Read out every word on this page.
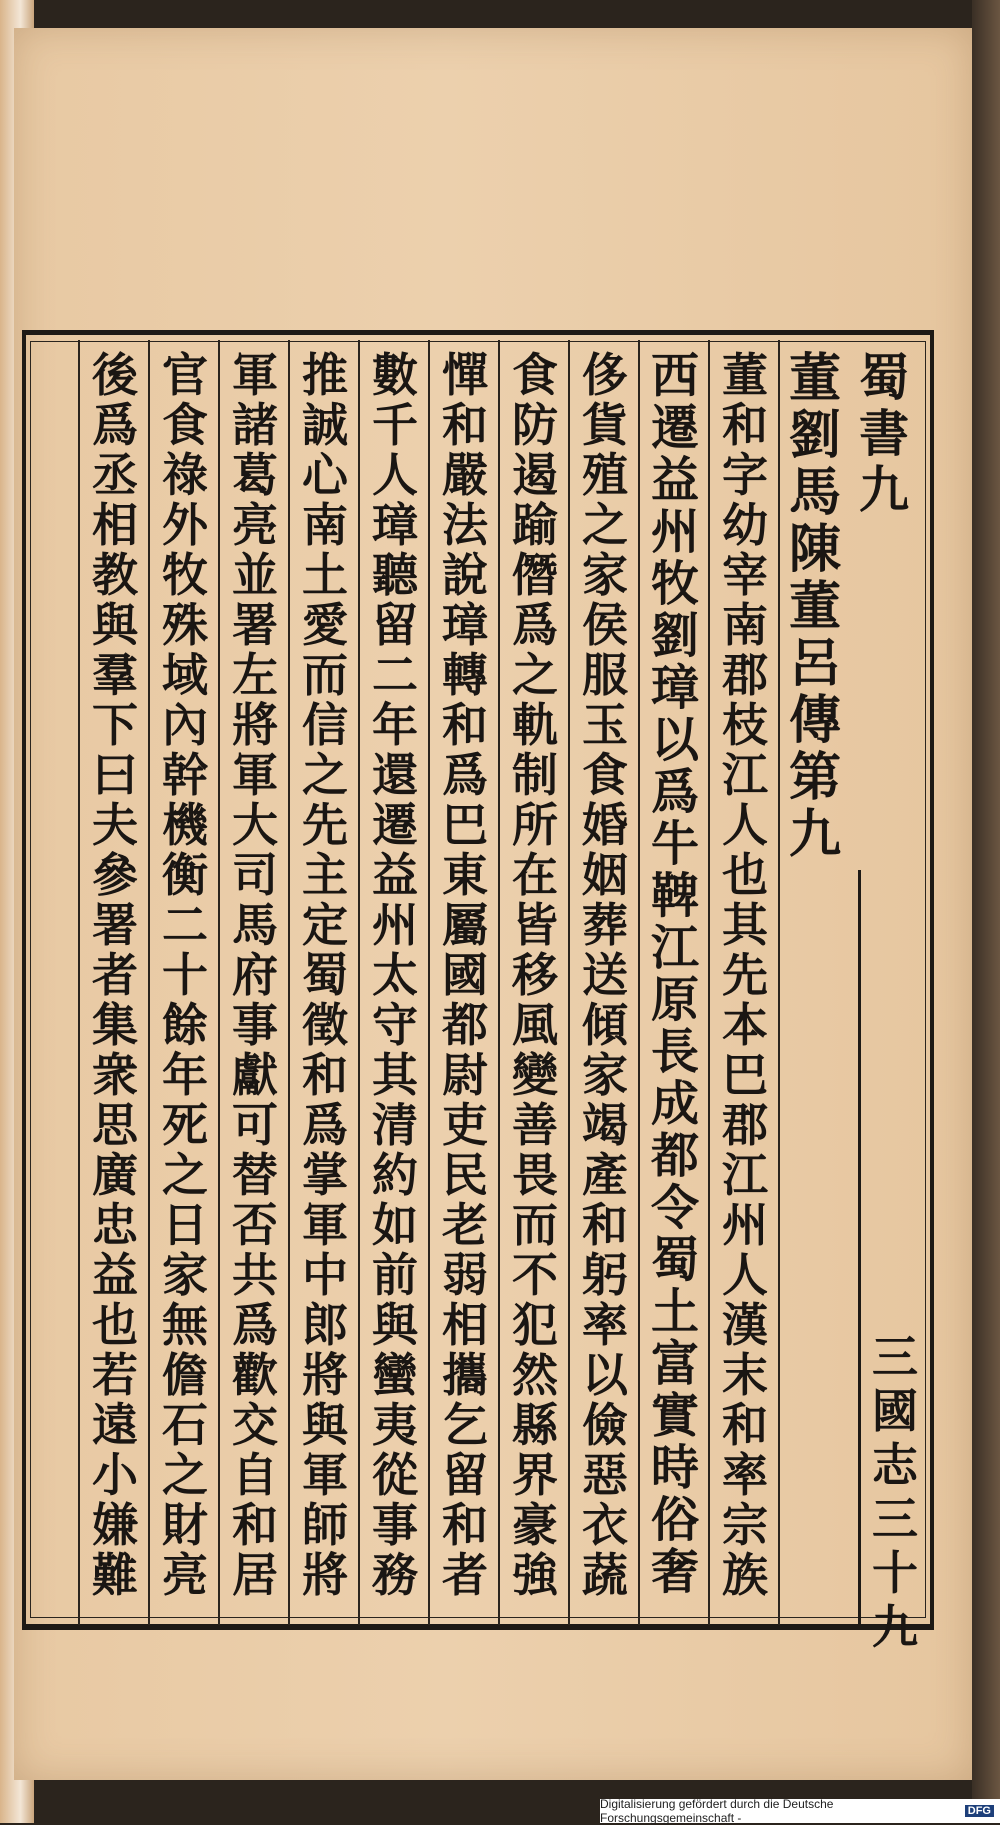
蜀
書
九
三
國
志
三
十
九
董
劉
馬
陳
董
呂
傳
第
九
董
和
字
幼
宰
南
郡
枝
江
人
也
其
先
本
巴
郡
江
州
人
漢
末
和
率
宗
族
西
遷
益
州
牧
劉
璋
以
爲
牛
鞞
江
原
長
成
都
令
蜀
土
富
實
時
俗
奢
侈
貨
殖
之
家
侯
服
玉
食
婚
姻
葬
送
傾
家
竭
產
和
躬
率
以
儉
惡
衣
蔬
食
防
遏
踰
僭
爲
之
軌
制
所
在
皆
移
風
變
善
畏
而
不
犯
然
縣
界
豪
強
憚
和
嚴
法
說
璋
轉
和
爲
巴
東
屬
國
都
尉
吏
民
老
弱
相
攜
乞
留
和
者
數
千
人
璋
聽
留
二
年
還
遷
益
州
太
守
其
清
約
如
前
與
蠻
夷
從
事
務
推
誠
心
南
土
愛
而
信
之
先
主
定
蜀
徵
和
爲
掌
軍
中
郎
將
與
軍
師
將
軍
諸
葛
亮
並
署
左
將
軍
大
司
馬
府
事
獻
可
替
否
共
爲
歡
交
自
和
居
官
食
祿
外
牧
殊
域
內
幹
機
衡
二
十
餘
年
死
之
日
家
無
儋
石
之
財
亮
後
爲
丞
相
教
與
羣
下
曰
夫
參
署
者
集
衆
思
廣
忠
益
也
若
遠
小
嫌
難
Digitalisierung gefördert durch die Deutsche Forschungsgemeinschaft -	DFG
